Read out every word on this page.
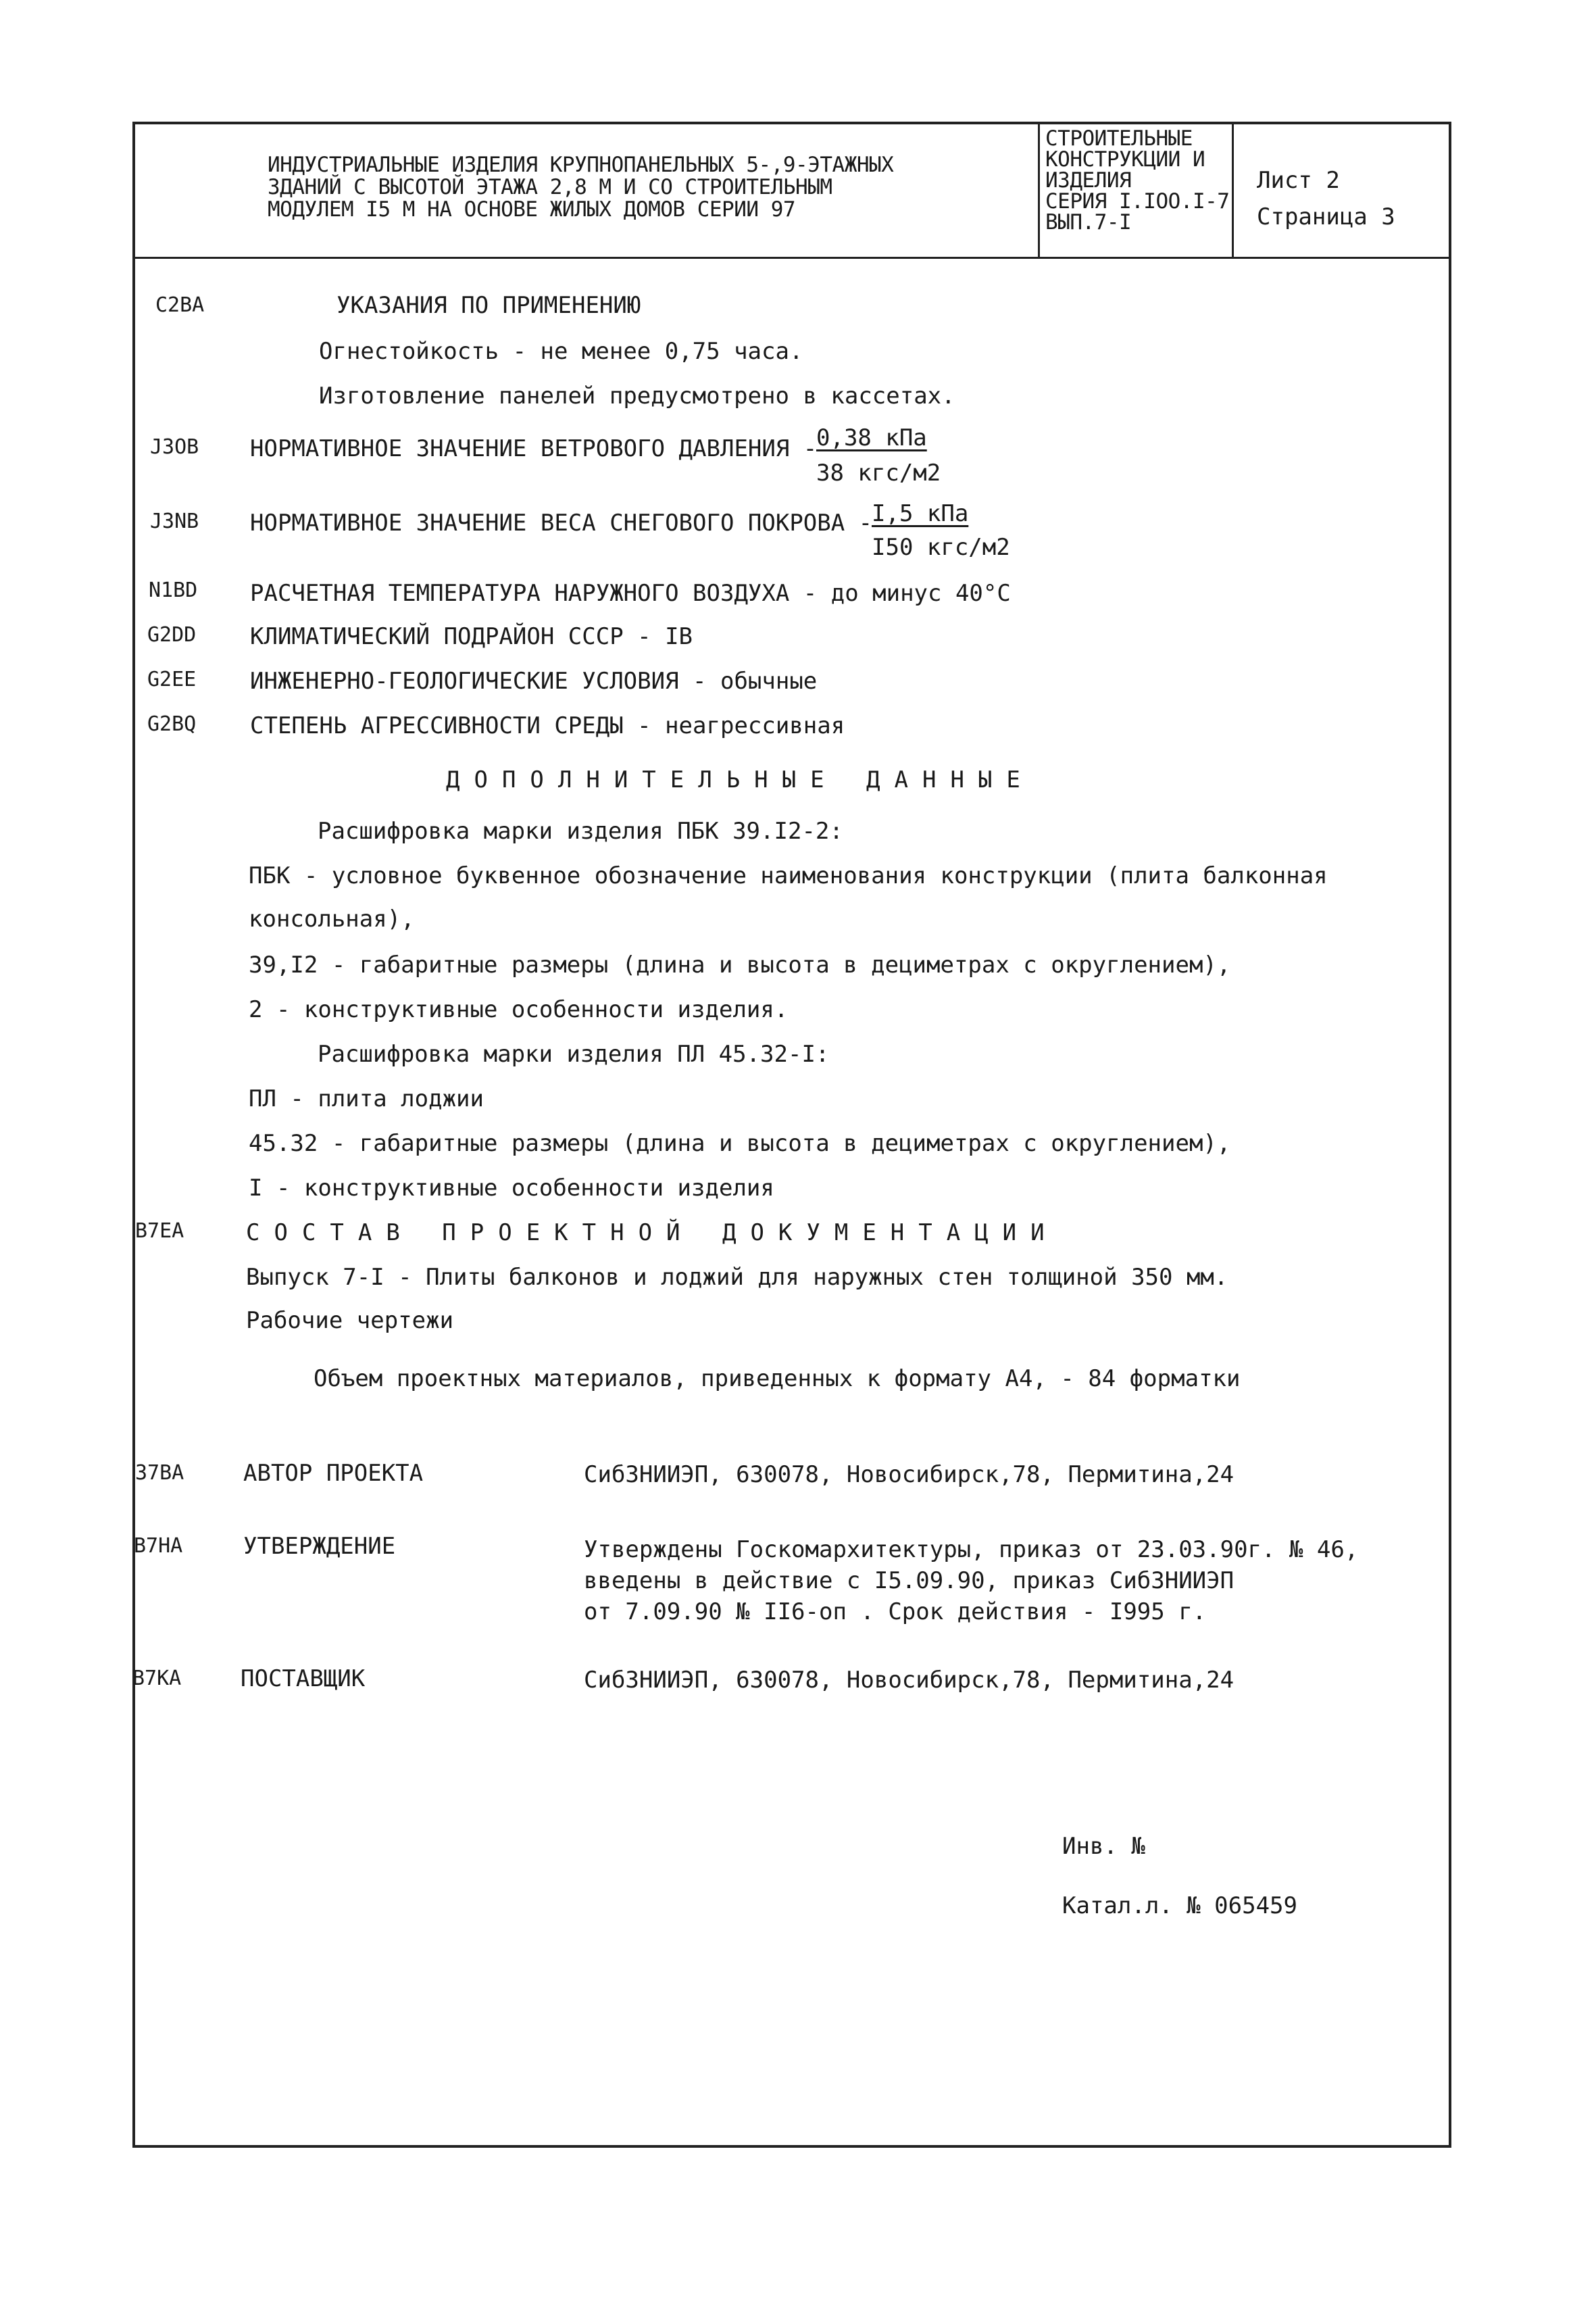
ИНДУСТРИАЛЬНЫЕ ИЗДЕЛИЯ КРУПНОПАНЕЛЬНЫХ 5-,9-ЭТАЖНЫХ
ЗДАНИЙ С ВЫСОТОЙ ЭТАЖА 2,8 М И СО СТРОИТЕЛЬНЫМ
МОДУЛЕМ I5 М НА ОСНОВЕ ЖИЛЫХ ДОМОВ СЕРИИ 97
СТРОИТЕЛЬНЫЕ
КОНСТРУКЦИИ И
ИЗДЕЛИЯ
СЕРИЯ I.IOO.I-7
ВЫП.7-I
Лист 2
Страница 3
C2BA	УКАЗАНИЯ ПО ПРИМЕНЕНИЮ
Огнестойкость - не менее 0,75 часа.
Изготовление панелей предусмотрено в кассетах.
J3OB НОРМАТИВНОЕ ЗНАЧЕНИЕ ВЕТРОВОГО ДАВЛЕНИЯ -
0,38 кПа
38 кгс/м2
J3NB НОРМАТИВНОЕ ЗНАЧЕНИЕ ВЕСА СНЕГОВОГО ПОКРОВА -
I,5 кПа
I50 кгс/м2
N1BD РАСЧЕТНАЯ ТЕМПЕРАТУРА НАРУЖНОГО ВОЗДУХА - до минус 40°С
G2DD КЛИМАТИЧЕСКИЙ ПОДРАЙОН СССР - IB
G2EE ИНЖЕНЕРНО-ГЕОЛОГИЧЕСКИЕ УСЛОВИЯ - обычные
G2BQ СТЕПЕНЬ АГРЕССИВНОСТИ СРЕДЫ - неагрессивная
ДОПОЛНИТЕЛЬНЫЕ ДАННЫЕ
Расшифровка марки изделия ПБК 39.I2-2:
ПБК - условное буквенное обозначение наименования конструкции (плита балконная
консольная),
39,I2 - габаритные размеры (длина и высота в дециметрах с округлением),
2 - конструктивные особенности изделия.
Расшифровка марки изделия ПЛ 45.32-I:
ПЛ - плита лоджии
45.32 - габаритные размеры (длина и высота в дециметрах с округлением),
I - конструктивные особенности изделия
B7EA	СОСТАВ ПРОЕКТНОЙ ДОКУМЕНТАЦИИ
Выпуск 7-I - Плиты балконов и лоджий для наружных стен толщиной 350 мм.
Рабочие чертежи
Объем проектных материалов, приведенных к формату А4, - 84 форматки
37BA	АВТОР ПРОЕКТА	СибЗНИИЭП, 630078, Новосибирск,78, Пермитина,24
B7HA	УТВЕРЖДЕНИЕ	Утверждены Госкомархитектуры, приказ от 23.03.90г. № 46,
введены в действие с I5.09.90, приказ СибЗНИИЭП
от 7.09.90 № II6-оп . Срок действия - I995 г.
B7KA	ПОСТАВЩИК	СибЗНИИЭП, 630078, Новосибирск,78, Пермитина,24
Инв. №
Катал.л. № 065459
